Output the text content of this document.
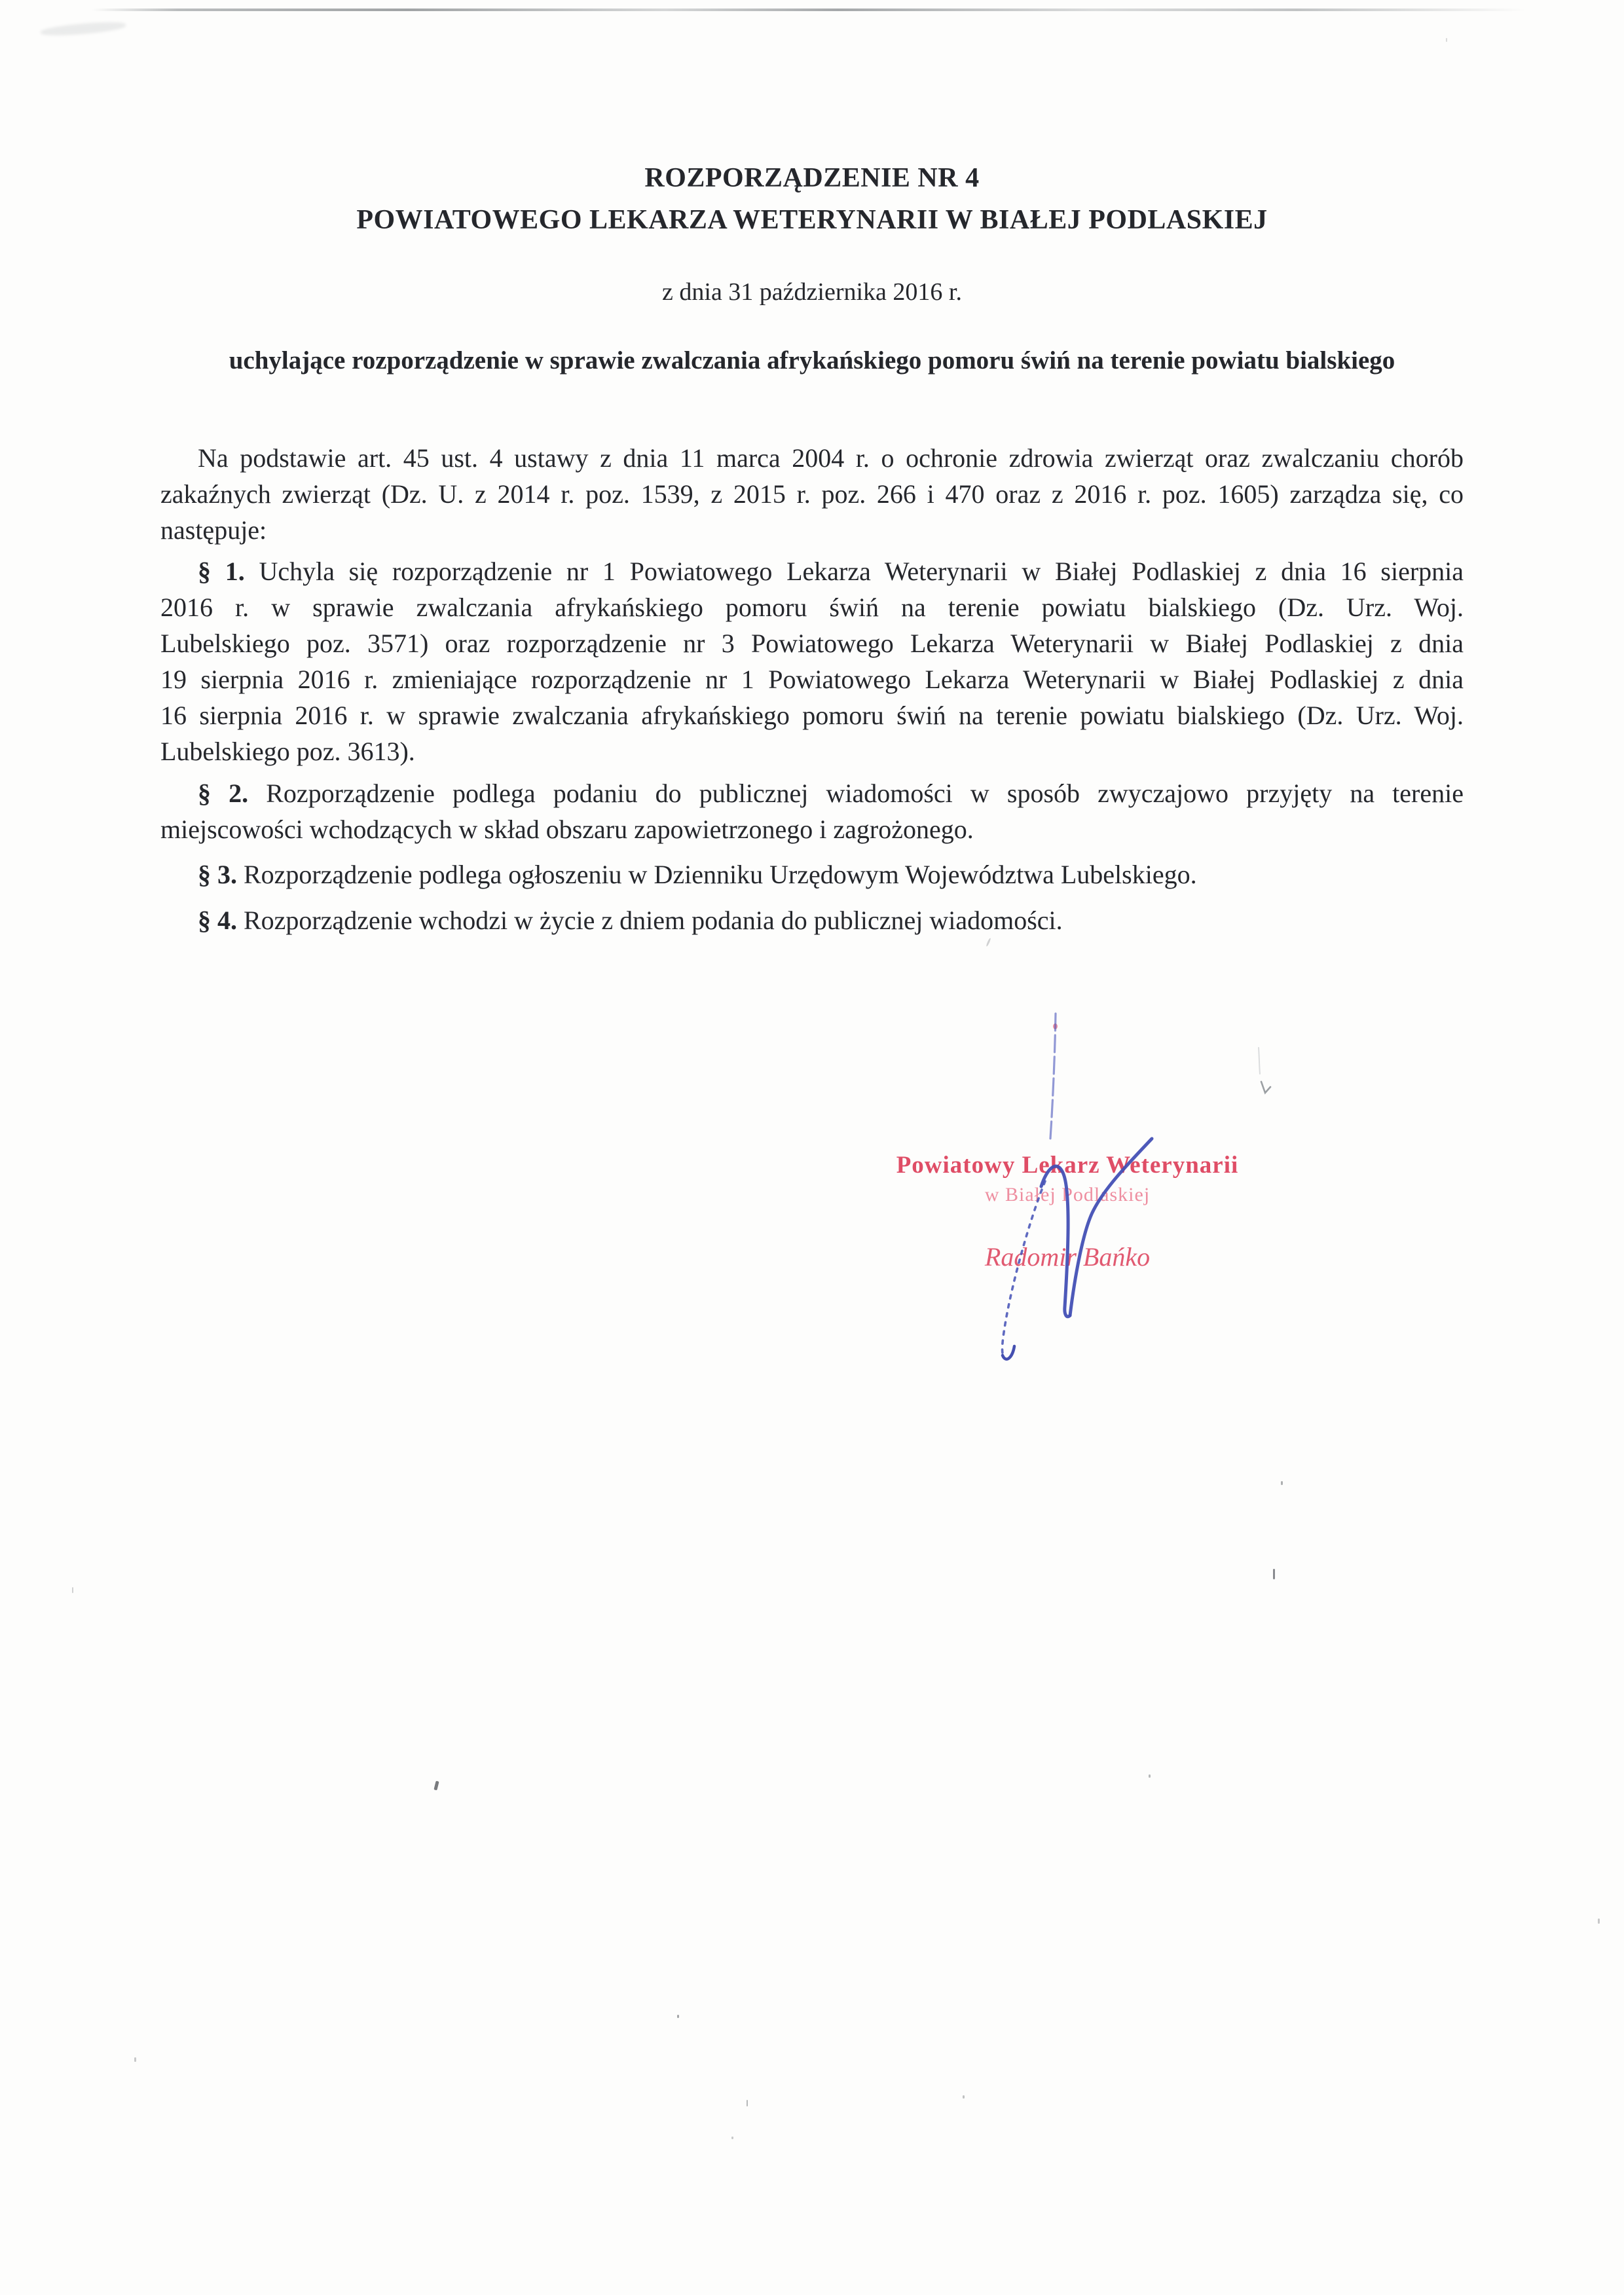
ROZPORZĄDZENIE NR 4
POWIATOWEGO LEKARZA WETERYNARII W BIAŁEJ PODLASKIEJ
z dnia 31 października 2016 r.
uchylające rozporządzenie w sprawie zwalczania afrykańskiego pomoru świń na terenie powiatu bialskiego
Na podstawie art. 45 ust. 4 ustawy z dnia 11 marca 2004 r. o ochronie zdrowia zwierząt oraz zwalczaniu chorób
zakaźnych zwierząt (Dz. U. z 2014 r. poz. 1539, z 2015 r. poz. 266 i 470 oraz z 2016 r. poz. 1605) zarządza się, co
następuje:
§ 1. Uchyla się rozporządzenie nr 1 Powiatowego Lekarza Weterynarii w Białej Podlaskiej z dnia 16 sierpnia
2016 r. w sprawie zwalczania afrykańskiego pomoru świń na terenie powiatu bialskiego (Dz. Urz. Woj.
Lubelskiego poz. 3571) oraz rozporządzenie nr 3 Powiatowego Lekarza Weterynarii w Białej Podlaskiej z dnia
19 sierpnia 2016 r. zmieniające rozporządzenie nr 1 Powiatowego Lekarza Weterynarii w Białej Podlaskiej z dnia
16 sierpnia 2016 r. w sprawie zwalczania afrykańskiego pomoru świń na terenie powiatu bialskiego (Dz. Urz. Woj.
Lubelskiego poz. 3613).
§ 2. Rozporządzenie podlega podaniu do publicznej wiadomości w sposób zwyczajowo przyjęty na terenie
miejscowości wchodzących w skład obszaru zapowietrzonego i zagrożonego.
§ 3. Rozporządzenie podlega ogłoszeniu w Dzienniku Urzędowym Województwa Lubelskiego.
§ 4. Rozporządzenie wchodzi w życie z dniem podania do publicznej wiadomości.
Powiatowy Lekarz Weterynarii
w Białej Podlaskiej
Radomir Bańko
